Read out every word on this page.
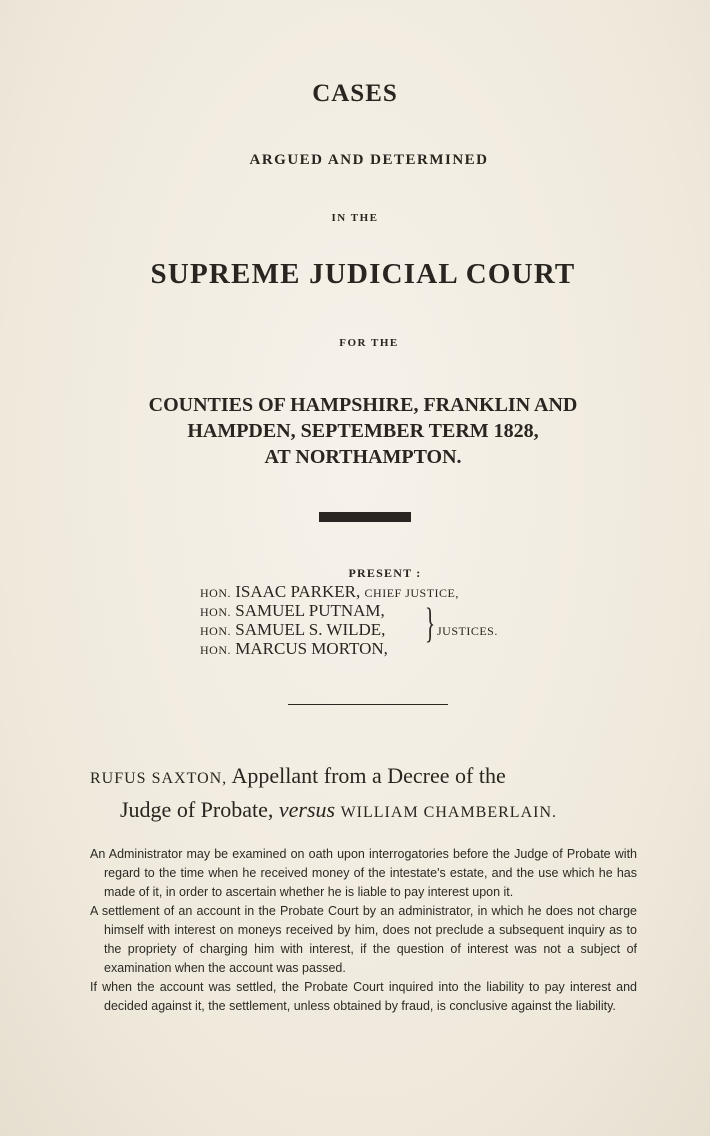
CASES
ARGUED AND DETERMINED
IN THE
SUPREME JUDICIAL COURT
FOR THE
COUNTIES OF HAMPSHIRE, FRANKLIN AND
HAMPDEN, SEPTEMBER TERM 1828,
AT NORTHAMPTON.
PRESENT :
HON. ISAAC PARKER, CHIEF JUSTICE,
HON. SAMUEL PUTNAM,
HON. SAMUEL S. WILDE,
HON. MARCUS MORTON,
} JUSTICES.
RUFUS SAXTON, Appellant from a Decree of the
Judge of Probate, versus WILLIAM CHAMBERLAIN.
An Administrator may be examined on oath upon interrogatories before the Judge of Probate with regard to the time when he received money of the intestate's estate, and the use which he has made of it, in order to ascertain whether he is liable to pay interest upon it.
A settlement of an account in the Probate Court by an administrator, in which he does not charge himself with interest on moneys received by him, does not preclude a subsequent inquiry as to the propriety of charging him with interest, if the question of interest was not a subject of examination when the account was passed.
If when the account was settled, the Probate Court inquired into the liability to pay interest and decided against it, the settlement, unless obtained by fraud, is conclusive against the liability.
